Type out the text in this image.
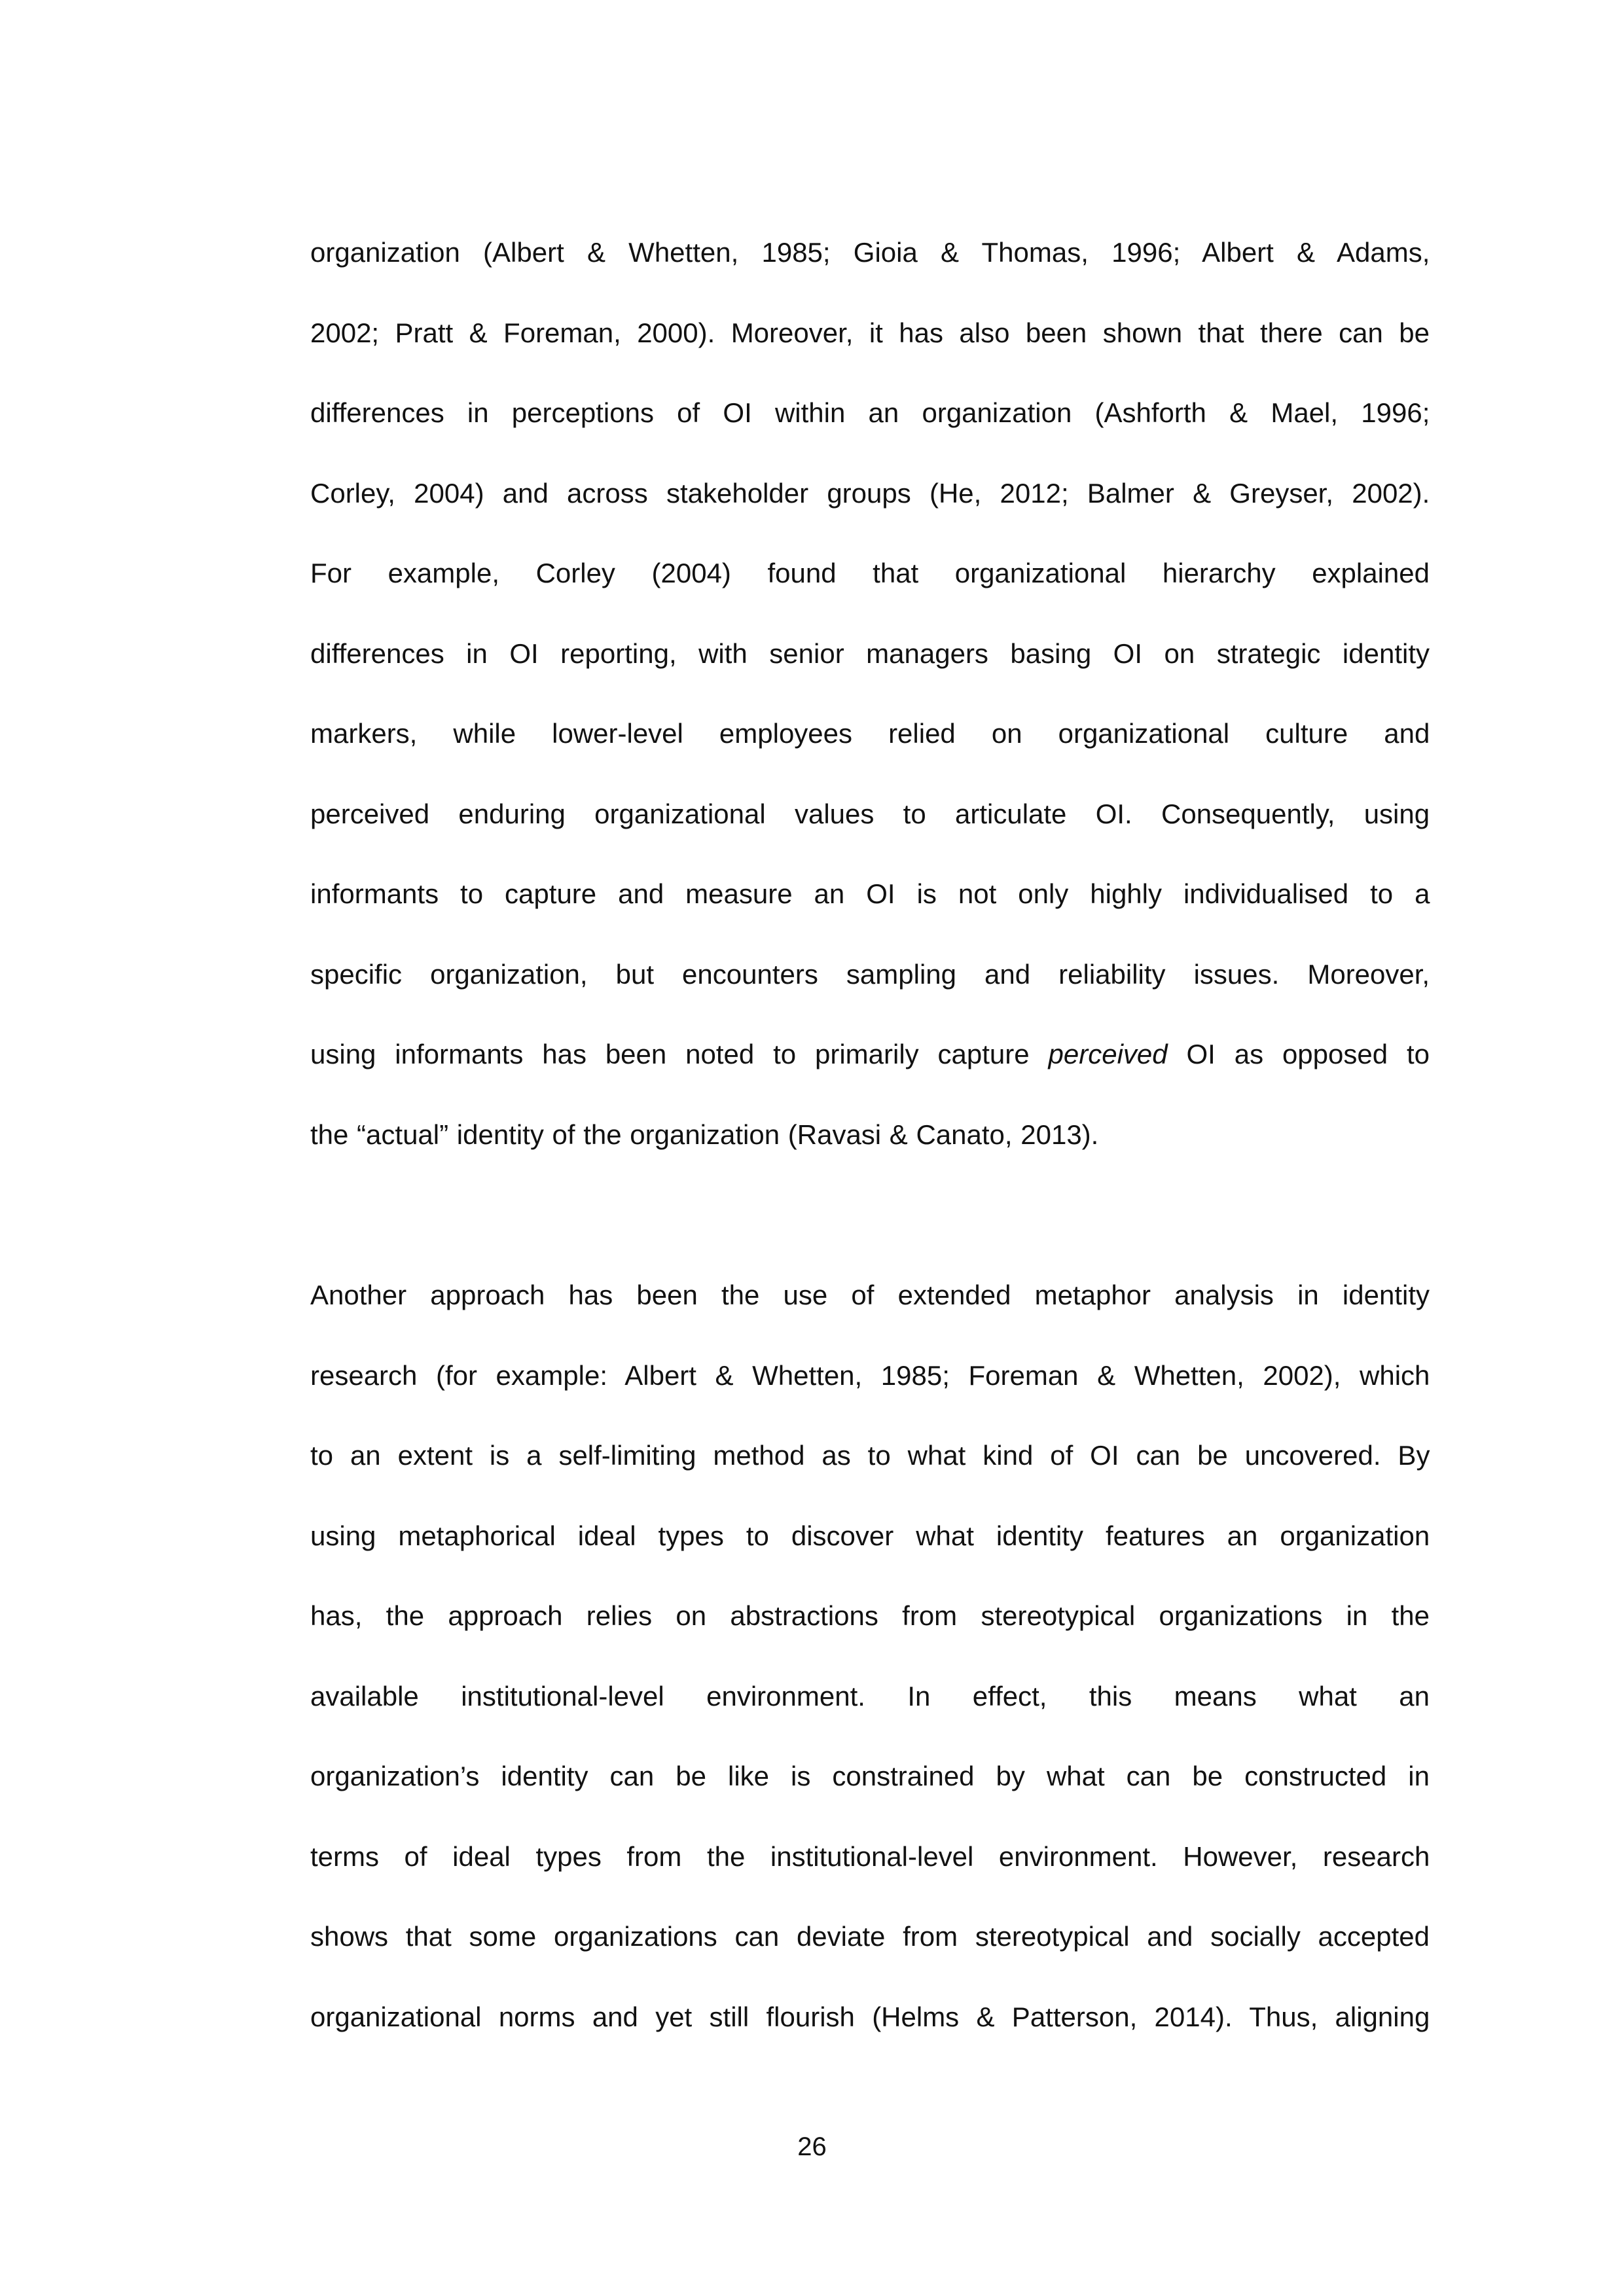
organization (Albert & Whetten, 1985; Gioia & Thomas, 1996; Albert & Adams,
2002; Pratt & Foreman, 2000). Moreover, it has also been shown that there can be
differences in perceptions of OI within an organization (Ashforth & Mael, 1996;
Corley, 2004) and across stakeholder groups (He, 2012; Balmer & Greyser, 2002).
For example, Corley (2004) found that organizational hierarchy explained
differences in OI reporting, with senior managers basing OI on strategic identity
markers, while lower-level employees relied on organizational culture and
perceived enduring organizational values to articulate OI. Consequently, using
informants to capture and measure an OI is not only highly individualised to a
specific organization, but encounters sampling and reliability issues. Moreover,
using informants has been noted to primarily capture perceived OI as opposed to
the “actual” identity of the organization (Ravasi & Canato, 2013).
Another approach has been the use of extended metaphor analysis in identity
research (for example: Albert & Whetten, 1985; Foreman & Whetten, 2002), which
to an extent is a self-limiting method as to what kind of OI can be uncovered. By
using metaphorical ideal types to discover what identity features an organization
has, the approach relies on abstractions from stereotypical organizations in the
available institutional-level environment. In effect, this means what an
organization’s identity can be like is constrained by what can be constructed in
terms of ideal types from the institutional-level environment. However, research
shows that some organizations can deviate from stereotypical and socially accepted
organizational norms and yet still flourish (Helms & Patterson, 2014). Thus, aligning
26
